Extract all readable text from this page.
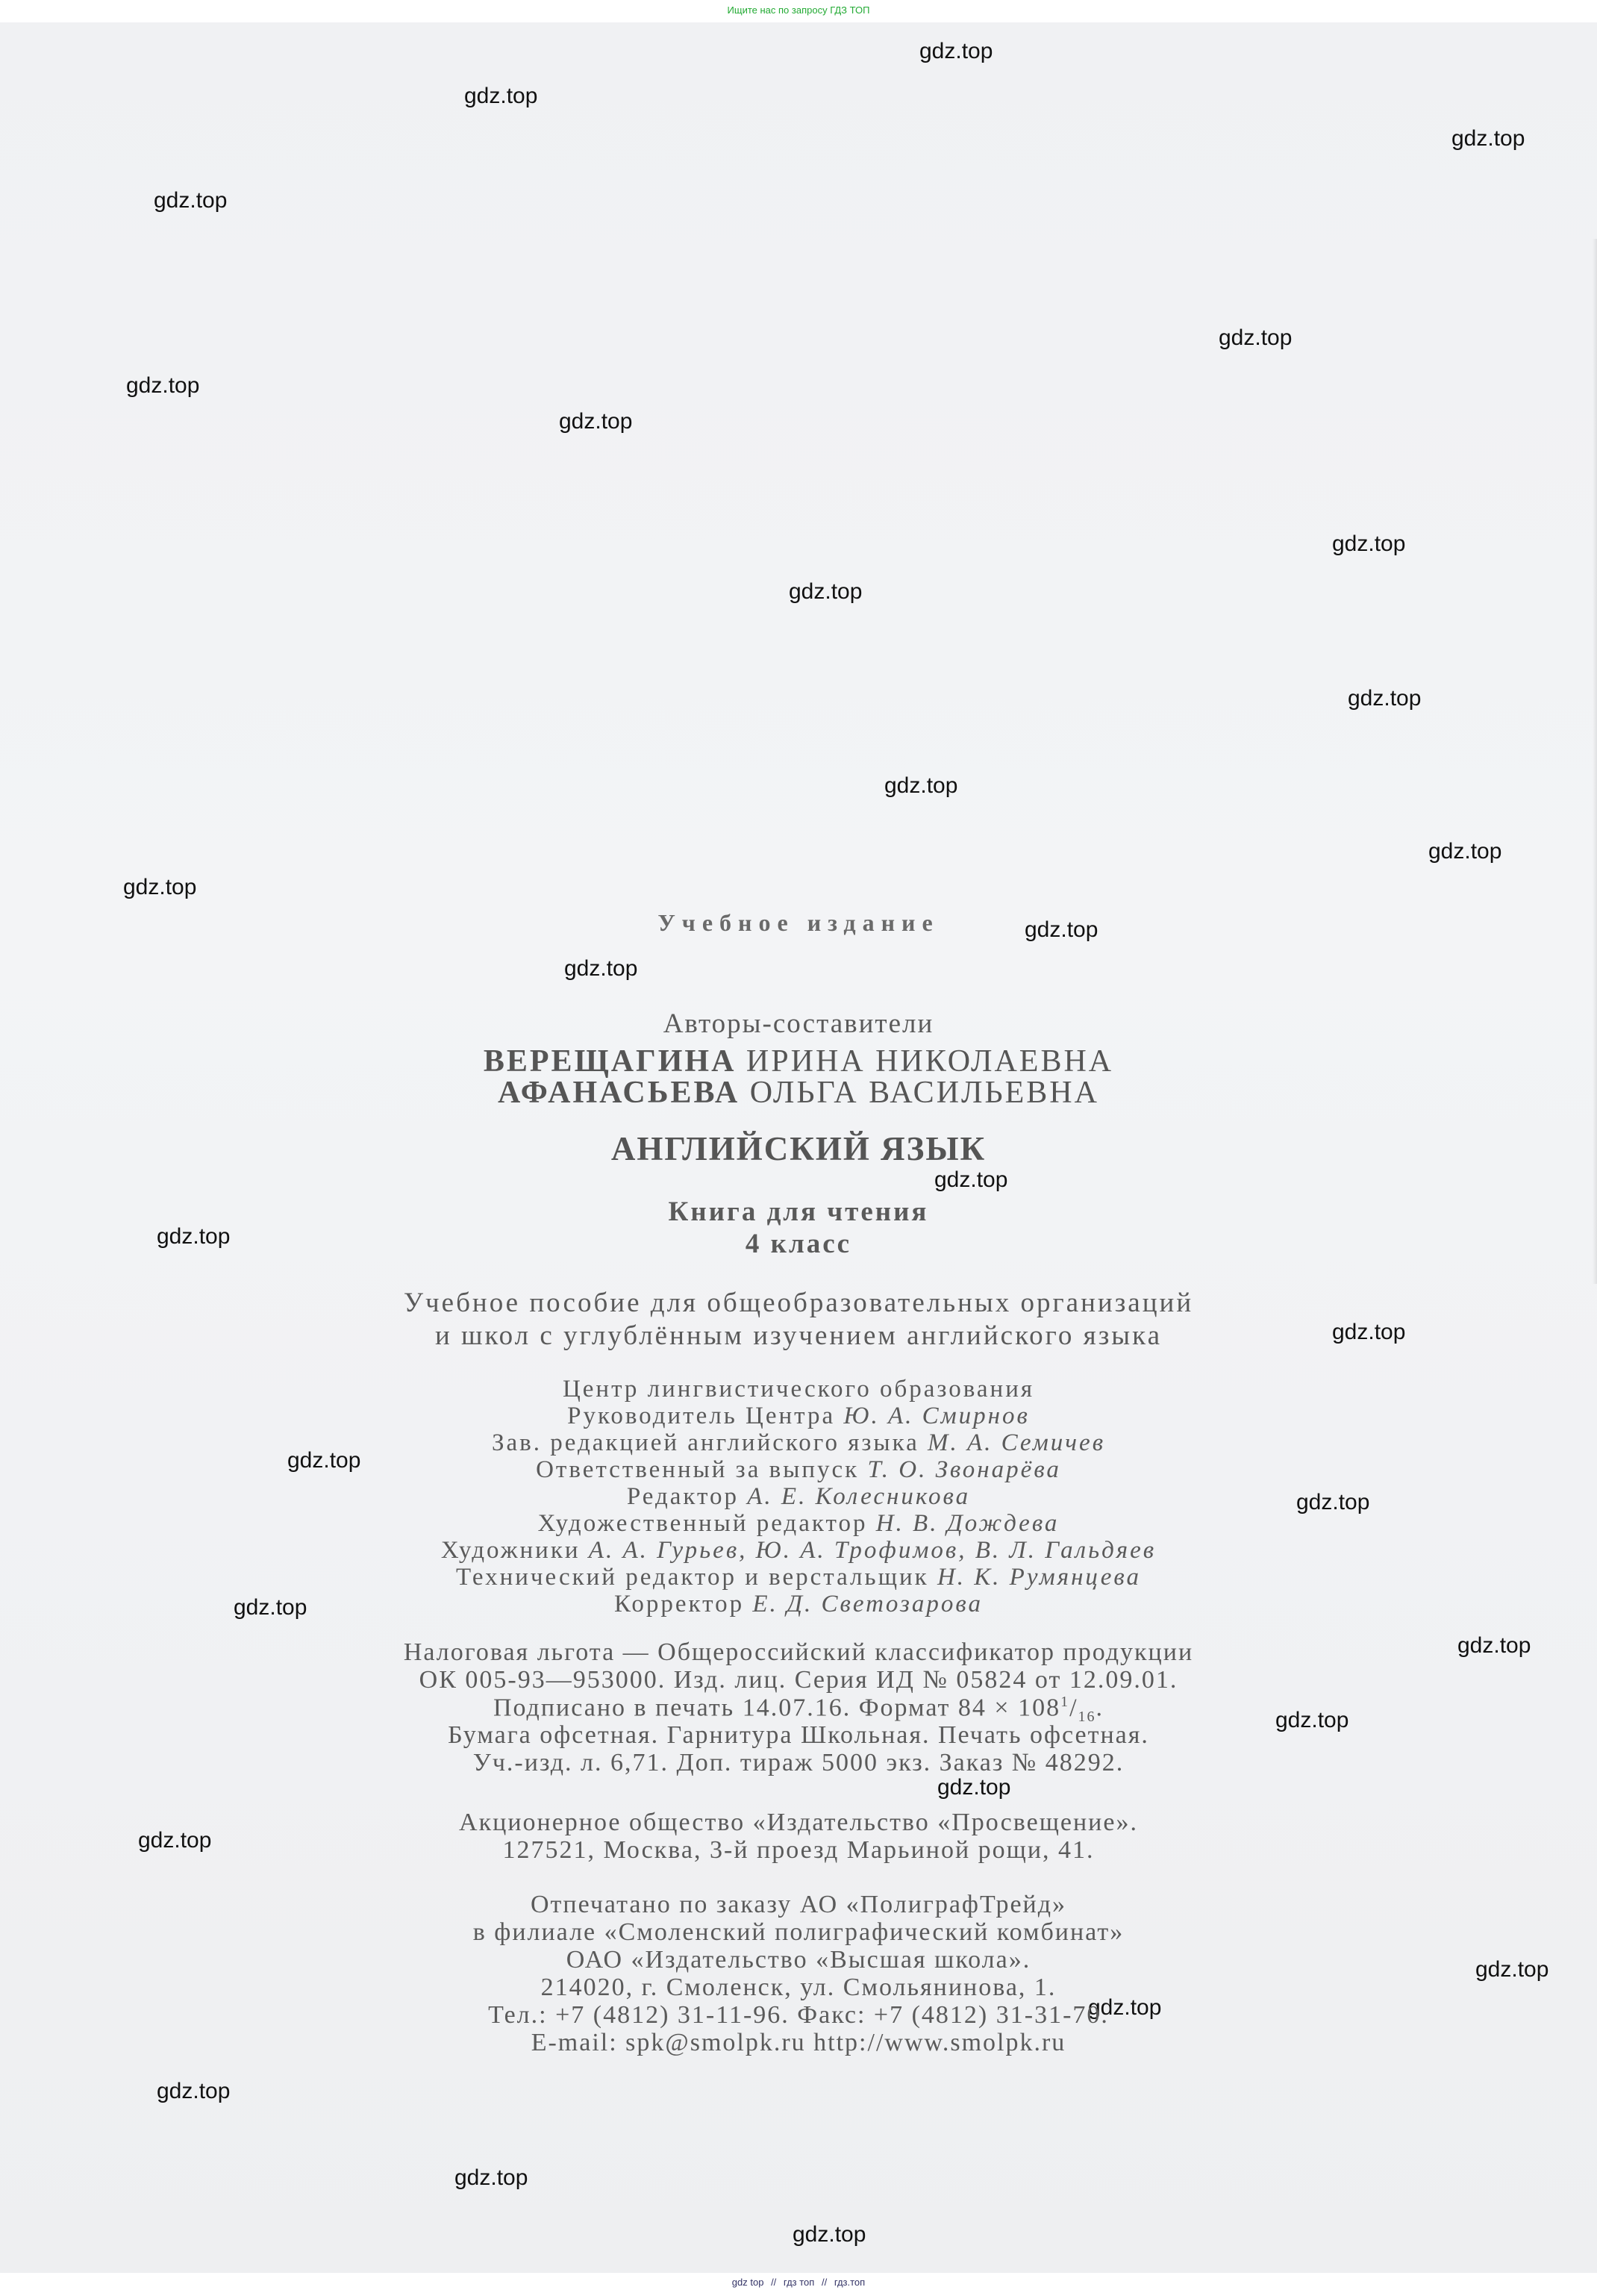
Ищите нас по запросу ГДЗ ТОП
gdz.top
gdz.top
gdz.top
gdz.top
gdz.top
gdz.top
gdz.top
gdz.top
gdz.top
gdz.top
gdz.top
gdz.top
gdz.top
gdz.top
gdz.top
gdz.top
gdz.top
gdz.top
gdz.top
gdz.top
gdz.top
gdz.top
gdz.top
gdz.top
gdz.top
gdz.top
gdz.top
gdz.top
gdz.top
gdz.top
Учебное издание
Авторы-составители
ВЕРЕЩАГИНА ИРИНА НИКОЛАЕВНА
АФАНАСЬЕВА ОЛЬГА ВАСИЛЬЕВНА
АНГЛИЙСКИЙ ЯЗЫК
Книга для чтения
4 класс
Учебное пособие для общеобразовательных организаций
и школ с углублённым изучением английского языка
Центр лингвистического образования
Руководитель Центра Ю. А. Смирнов
Зав. редакцией английского языка М. А. Семичев
Ответственный за выпуск Т. О. Звонарёва
Редактор А. Е. Колесникова
Художественный редактор Н. В. Дождева
Художники А. А. Гурьев, Ю. А. Трофимов, В. Л. Гальдяев
Технический редактор и верстальщик Н. К. Румянцева
Корректор Е. Д. Светозарова
Налоговая льгота — Общероссийский классификатор продукции
ОК 005-93—953000. Изд. лиц. Серия ИД № 05824 от 12.09.01.
Подписано в печать 14.07.16. Формат $84 \times 108^1/_{16}$.
Бумага офсетная. Гарнитура Школьная. Печать офсетная.
Уч.-изд. л. 6,71. Доп. тираж 5000 экз. Заказ № 48292.
Акционерное общество «Издательство «Просвещение».
127521, Москва, 3-й проезд Марьиной рощи, 41.
Отпечатано по заказу АО «ПолиграфТрейд»
в филиале «Смоленский полиграфический комбинат»
ОАО «Издательство «Высшая школа».
214020, г. Смоленск, ул. Смольянинова, 1.
Тел.: +7 (4812) 31-11-96. Факс: +7 (4812) 31-31-70.
E-mail: spk@smolpk.ru http://www.smolpk.ru
gdz top // гдз топ // гдз.топ
